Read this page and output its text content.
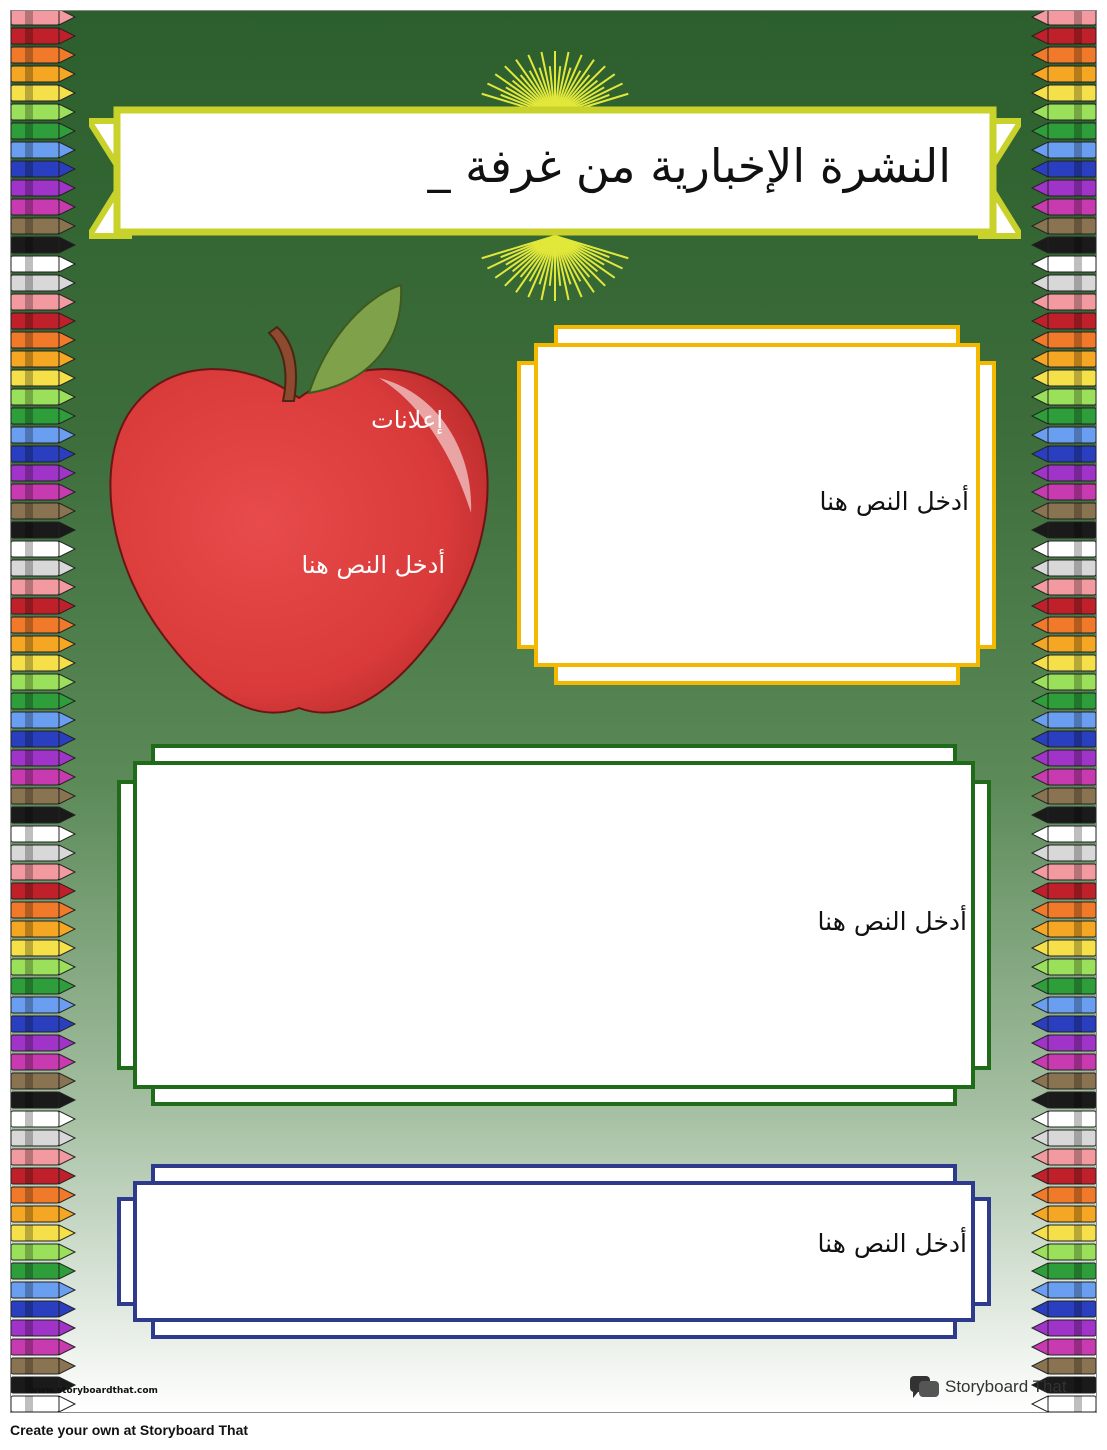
النشرة الإخبارية من غرفة _
إعلانات
أدخل النص هنا
أدخل النص هنا
أدخل النص هنا
أدخل النص هنا
www.storyboardthat.com	Storyboard That
Create your own at Storyboard That
